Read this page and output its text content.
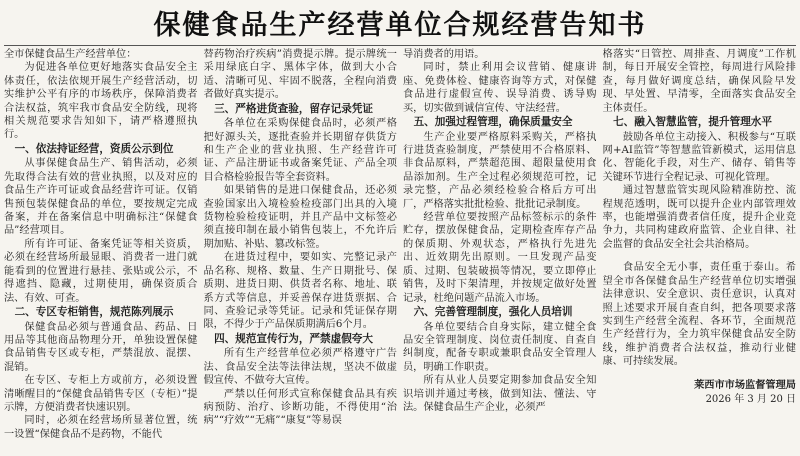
保健食品生产经营单位合规经营告知书

全市保健食品生产经营单位：

为促进各单位更好地落实食品安全主体责任，依法依规开展生产经营活动，切实维护公平有序的市场秩序，保障消费者合法权益，筑牢我市食品安全防线，现将相关规范要求告知如下，请严格遵照执行。

一、依法持证经营，资质公示到位

从事保健食品生产、销售活动，必须先取得合法有效的营业执照，以及对应的食品生产许可证或食品经营许可证。仅销售预包装保健食品的单位，要按规定完成备案，并在备案信息中明确标注“保健食品”经营项目。

所有许可证、备案凭证等相关资质，必须在经营场所最显眼、消费者一进门就能看到的位置进行悬挂、张贴或公示，不得遮挡、隐藏，过期使用，确保资质合法、有效、可查。

二、专区专柜销售，规范陈列展示

保健食品必须与普通食品、药品、日用品等其他商品物理分开，单独设置保健食品销售专区或专柜，严禁混放、混摆、混销。

在专区、专柜上方或前方，必须设置清晰醒目的“保健食品销售专区（专柜）”提示牌，方便消费者快速识别。

同时，必须在经营场所显著位置，统一设置“保健食品不是药物，不能代

替药物治疗疾病”消费提示牌。提示牌统一采用绿底白字、黑体字体，做到大小合适、清晰可见、牢固不脱落，全程向消费者做好真实提示。

三、严格进货查验，留存记录凭证

各单位在采购保健食品时，必须严格把好源头关，逐批查验并长期留存供货方和生产企业的营业执照、生产经营许可证、产品注册证书或备案凭证、产品全项目合格检验报告等全套资料。

如果销售的是进口保健食品，还必须查验国家出入境检验检疫部门出具的入境货物检验检疫证明，并且产品中文标签必须直接印制在最小销售包装上，不允许后期加贴、补贴、篡改标签。

在进货过程中，要如实、完整记录产品名称、规格、数量、生产日期批号、保质期、进货日期、供货者名称、地址、联系方式等信息，并妥善保存进货票据、合同、查验记录等凭证。记录和凭证保存期限，不得少于产品保质期满后6个月。

四、规范宣传行为，严禁虚假夸大

所有生产经营单位必须严格遵守广告法、食品安全法等法律法规，坚决不做虚假宣传、不做夸大宣传。

严禁以任何形式宣称保健食品具有疾病预防、治疗、诊断功能，不得使用“治病”“疗效”“无痛”“康复”等易误

导消费者的用语。

同时，禁止利用会议营销、健康讲座、免费体检、健康咨询等方式，对保健食品进行虚假宣传、误导消费、诱导购买，切实做到诚信宣传、守法经营。

五、加强过程管理，确保质量安全

生产企业要严格原料采购关，严格执行进货查验制度，严禁使用不合格原料、非食品原料，严禁超范围、超限量使用食品添加剂。生产全过程必须规范可控，记录完整，产品必须经检验合格后方可出厂，严格落实批批检验、批批记录制度。

经营单位要按照产品标签标示的条件贮存，摆放保健食品，定期检查库存产品的保质期、外观状态，严格执行先进先出、近效期先出原则。一旦发现产品变质、过期、包装破损等情况，要立即停止销售，及时下架清理，并按规定做好处置记录，杜绝问题产品流入市场。

六、完善管理制度，强化人员培训

各单位要结合自身实际，建立健全食品安全管理制度、岗位责任制度、自查自纠制度，配备专职或兼职食品安全管理人员，明确工作职责。

所有从业人员要定期参加食品安全知识培训并通过考核，做到知法、懂法、守法。保健食品生产企业，必须严

格落实“日管控、周排查、月调度”工作机制，每日开展安全管控，每周进行风险排查，每月做好调度总结，确保风险早发现、早处置、早清零，全面落实食品安全主体责任。

七、融入智慧监管，提升管理水平

鼓励各单位主动接入、积极参与“互联网+AI监管”等智慧监管新模式，运用信息化、智能化手段，对生产、储存、销售等关键环节进行全程记录、可视化管理。

通过智慧监管实现风险精准防控、流程规范透明，既可以提升企业内部管理效率，也能增强消费者信任度，提升企业竞争力，共同构建政府监管、企业自律、社会监督的食品安全社会共治格局。

食品安全无小事，责任重于泰山。希望全市各保健食品生产经营单位切实增强法律意识、安全意识、责任意识，认真对照上述要求开展自查自纠，把各项要求落实到生产经营全流程、各环节，全面规范生产经营行为，全力筑牢保健食品安全防线，维护消费者合法权益，推动行业健康、可持续发展。

莱西市市场监督管理局
2026 年 3 月 20 日
